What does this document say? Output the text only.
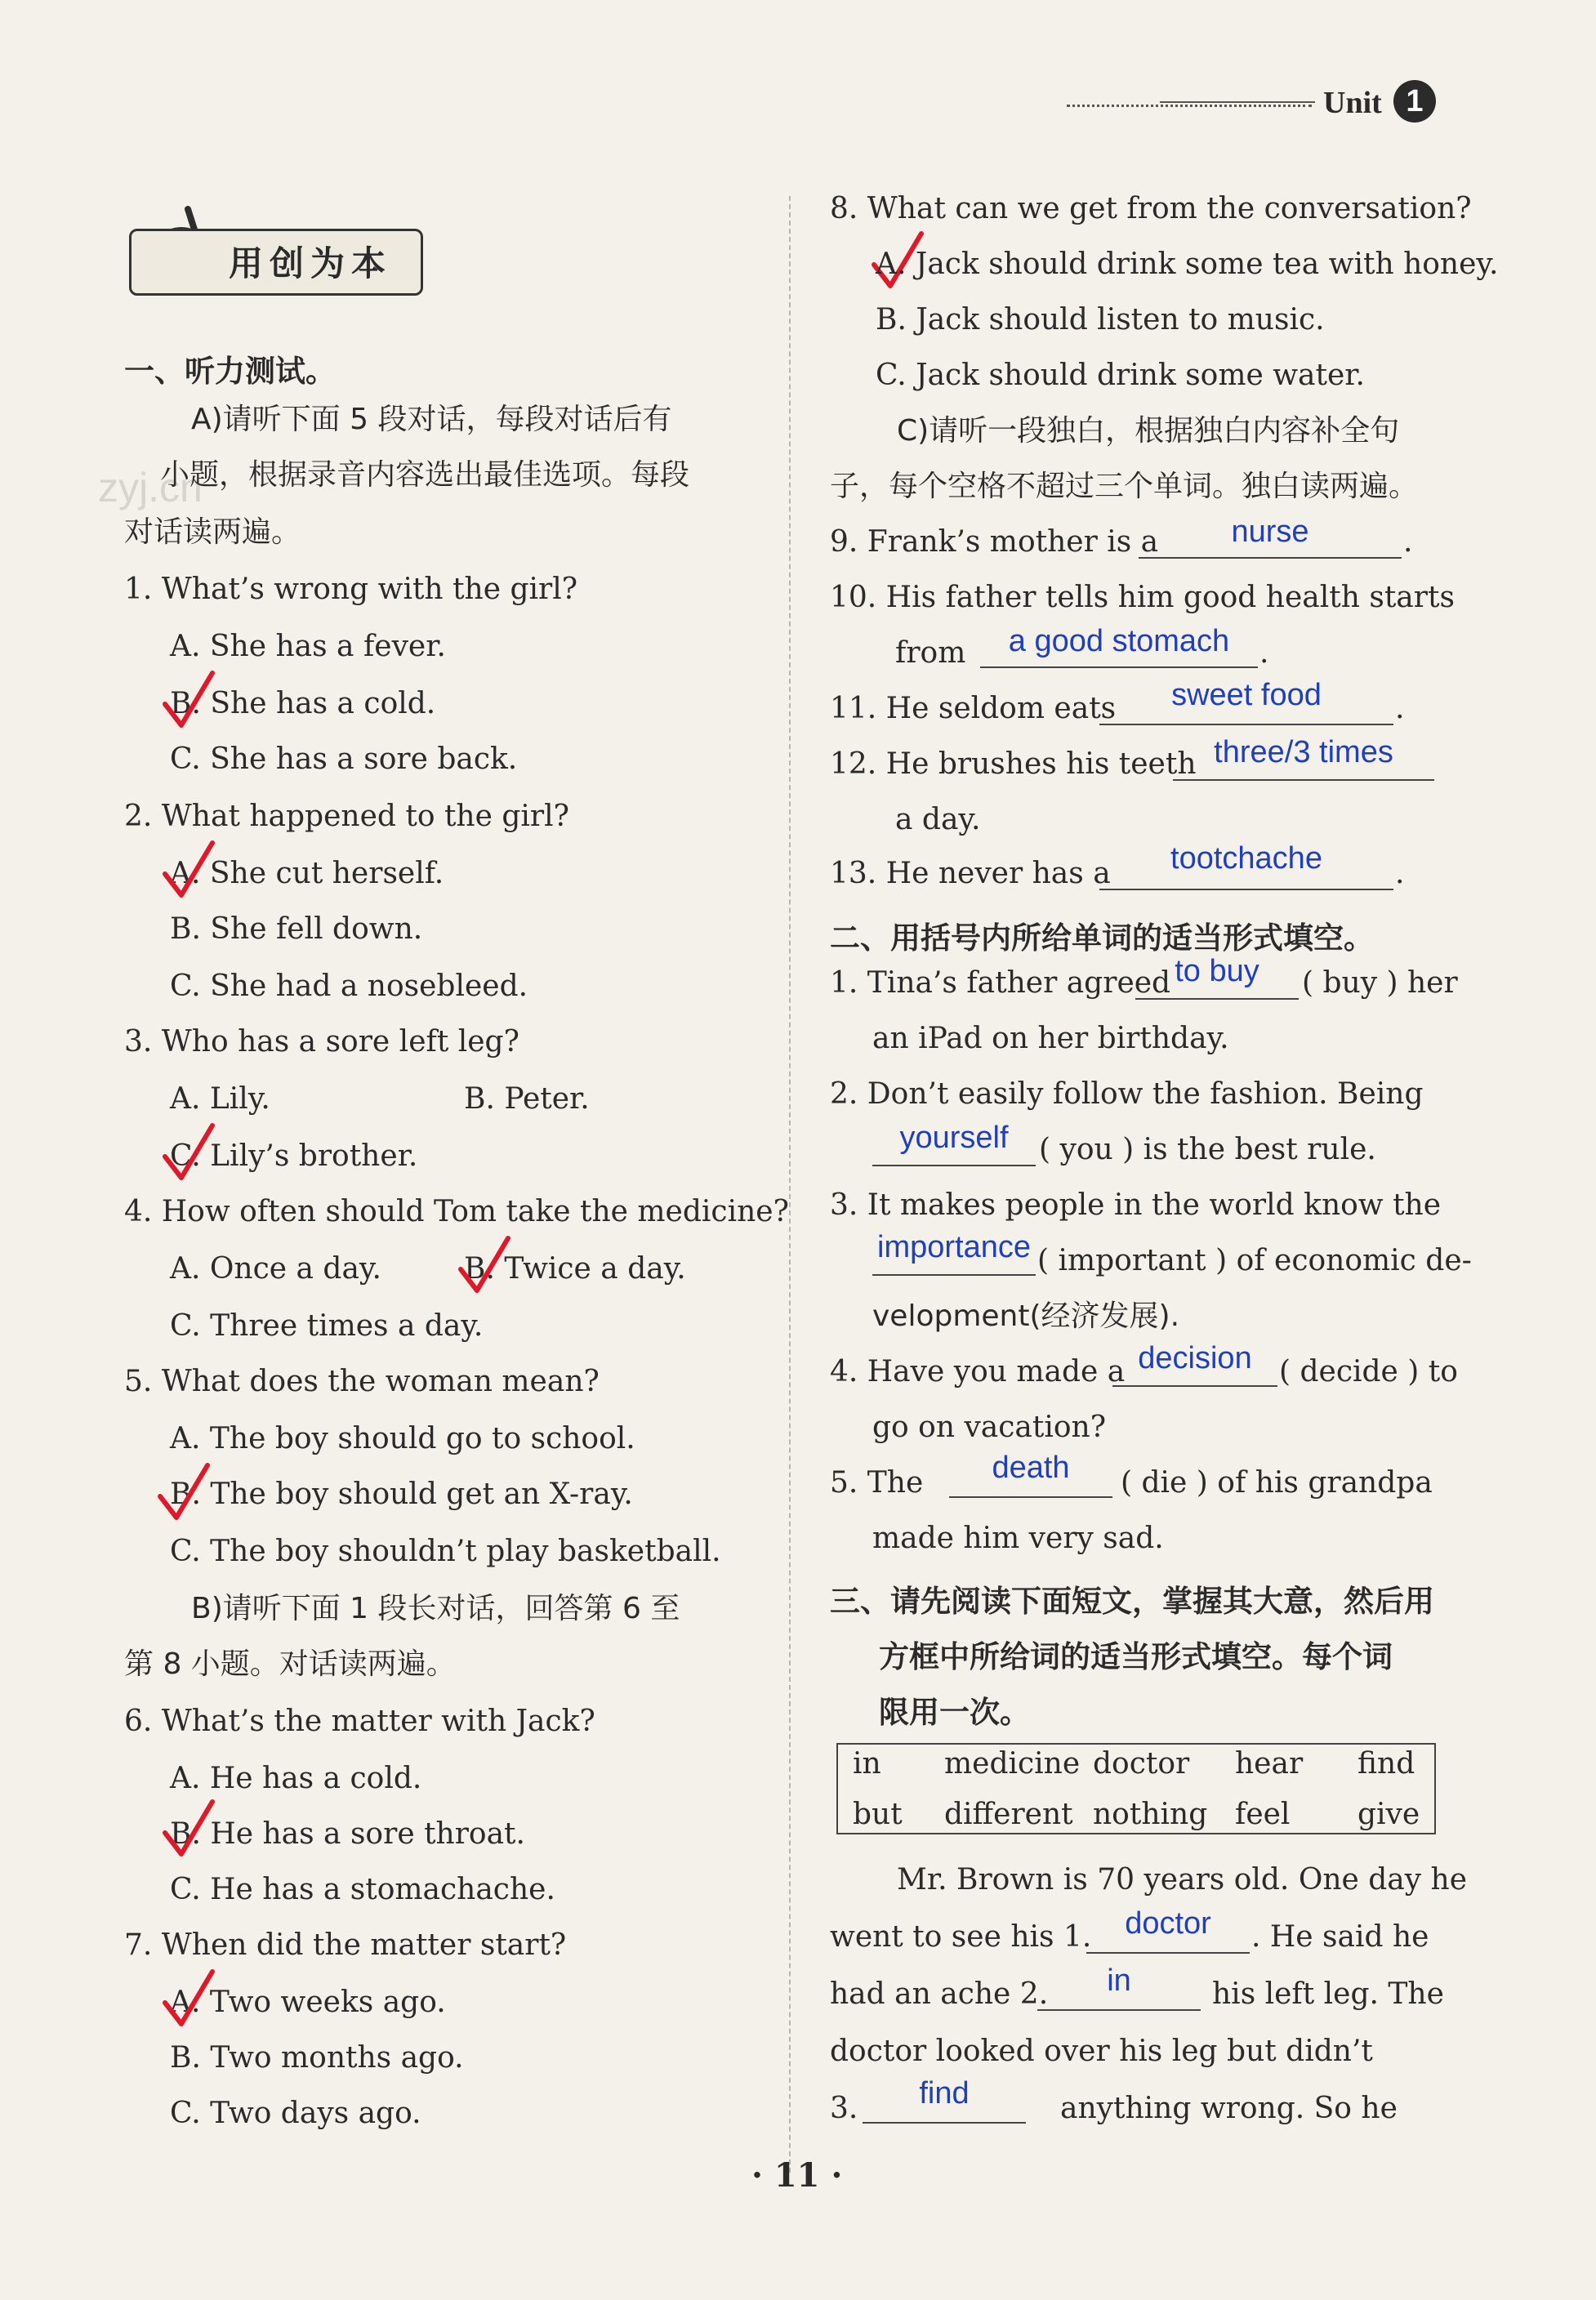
Unit 1
用创为本
zyj.cn
一、听力测试。
A)请听下面 5 段对话，每段对话后有
小题，根据录音内容选出最佳选项。每段
对话读两遍。
1. What’s wrong with the girl?
A. She has a fever.
B. She has a cold.
C. She has a sore back.
2. What happened to the girl?
A. She cut herself.
B. She fell down.
C. She had a nosebleed.
3. Who has a sore left leg?
A. Lily.	B. Peter.
C. Lily’s brother.
4. How often should Tom take the medicine?
A. Once a day.	B. Twice a day.
C. Three times a day.
5. What does the woman mean?
A. The boy should go to school.
B. The boy should get an X-ray.
C. The boy shouldn’t play basketball.
B)请听下面 1 段长对话，回答第 6 至
第 8 小题。对话读两遍。
6. What’s the matter with Jack?
A. He has a cold.
B. He has a sore throat.
C. He has a stomachache.
7. When did the matter start?
A. Two weeks ago.
B. Two months ago.
C. Two days ago.
8. What can we get from the conversation?
A. Jack should drink some tea with honey.
B. Jack should listen to music.
C. Jack should drink some water.
C)请听一段独白，根据独白内容补全句
子，每个空格不超过三个单词。独白读两遍。
9. Frank’s mother is a	nurse	.
10. His father tells him good health starts
from	a good stomach	.
11. He seldom eats	sweet food	.
12. He brushes his teeth three/3 times
a day.
13. He never has a	tootchache	.
二、用括号内所给单词的适当形式填空。
1. Tina’s father agreed to buy	( buy ) her
an iPad on her birthday.
2. Don’t easily follow the fashion. Being
yourself	( you ) is the best rule.
3. It makes people in the world know the
importance ( important ) of economic de-
velopment(经济发展).
4. Have you made a decision ( decide ) to
go on vacation?
5. The	death	( die ) of his grandpa
made him very sad.
三、请先阅读下面短文，掌握其大意，然后用
方框中所给词的适当形式填空。每个词
限用一次。
in medicine doctor hear find
but different nothing feel give
Mr. Brown is 70 years old. One day he
went to see his 1.	doctor	. He said he
had an ache 2.	in	his left leg. The
doctor looked over his leg but didn’t
3.	find	anything wrong. So he
· 11 ·
